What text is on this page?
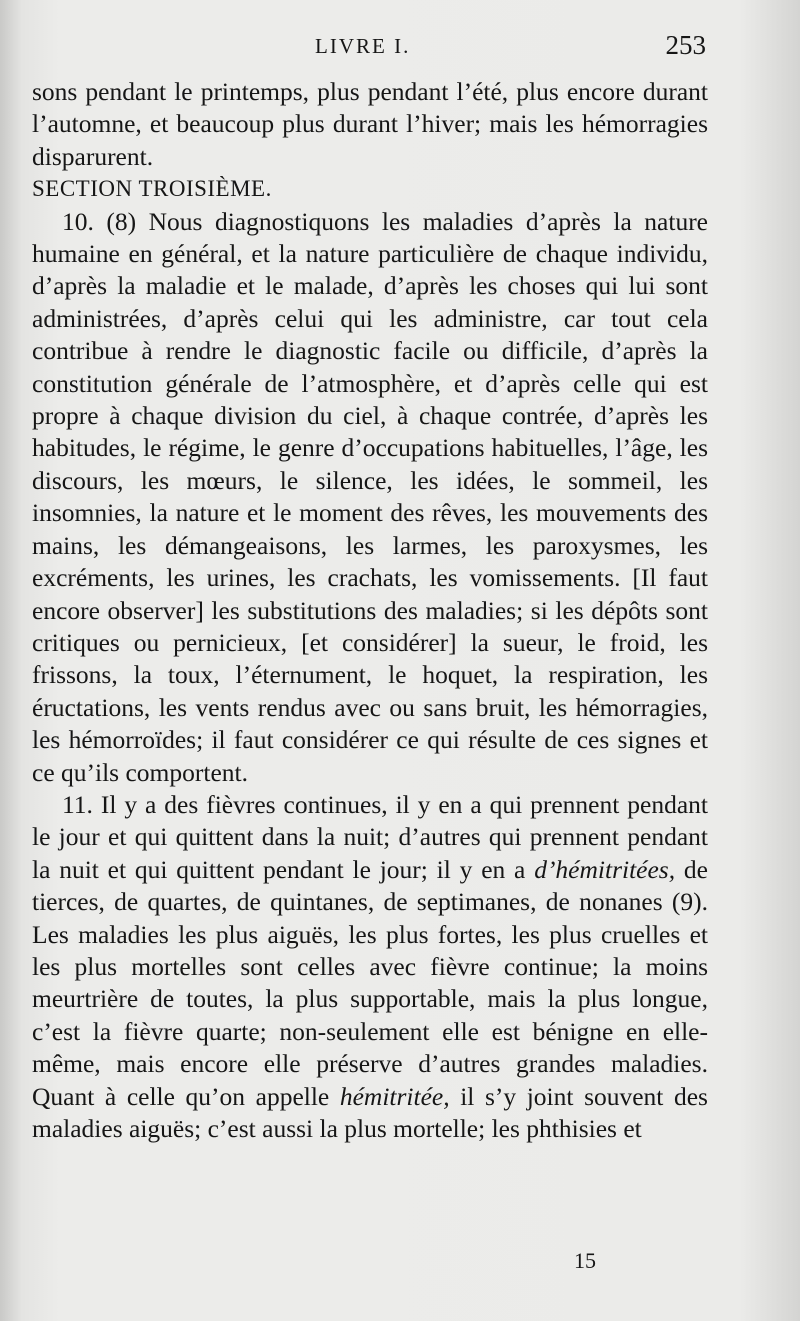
LIVRE I.	253

sons pendant le printemps, plus pendant l’été, plus encore durant l’automne, et beaucoup plus durant l’hiver; mais les hémorragies disparurent.

SECTION TROISIÈME.

10. (8) Nous diagnostiquons les maladies d’après la nature humaine en général, et la nature particulière de chaque individu, d’après la maladie et le malade, d’après les choses qui lui sont administrées, d’après celui qui les administre, car tout cela contribue à rendre le diagnostic facile ou difficile, d’après la constitution générale de l’atmosphère, et d’après celle qui est propre à chaque division du ciel, à chaque contrée, d’après les habitudes, le régime, le genre d’occupations habituelles, l’âge, les discours, les mœurs, le silence, les idées, le sommeil, les insomnies, la nature et le moment des rêves, les mouvements des mains, les démangeaisons, les larmes, les paroxysmes, les excréments, les urines, les crachats, les vomissements. [Il faut encore observer] les substitutions des maladies; si les dépôts sont critiques ou pernicieux, [et considérer] la sueur, le froid, les frissons, la toux, l’éternument, le hoquet, la respiration, les éructations, les vents rendus avec ou sans bruit, les hémorragies, les hémorroïdes; il faut considérer ce qui résulte de ces signes et ce qu’ils comportent.

11. Il y a des fièvres continues, il y en a qui prennent pendant le jour et qui quittent dans la nuit; d’autres qui prennent pendant la nuit et qui quittent pendant le jour; il y en a d’hémitritées, de tierces, de quartes, de quintanes, de septimanes, de nonanes (9). Les maladies les plus aiguës, les plus fortes, les plus cruelles et les plus mortelles sont celles avec fièvre continue; la moins meurtrière de toutes, la plus supportable, mais la plus longue, c’est la fièvre quarte; non-seulement elle est bénigne en elle-même, mais encore elle préserve d’autres grandes maladies. Quant à celle qu’on appelle hémitritée, il s’y joint souvent des maladies aiguës; c’est aussi la plus mortelle; les phthisies et

15
